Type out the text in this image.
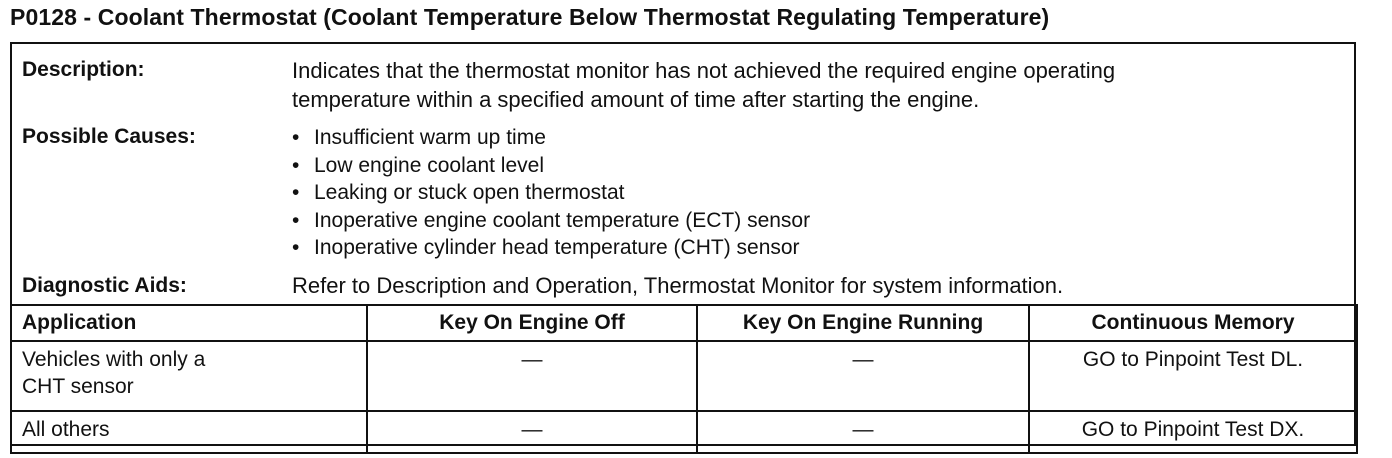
P0128 - Coolant Thermostat (Coolant Temperature Below Thermostat Regulating Temperature)
Description:	Indicates that the thermostat monitor has not achieved the required engine operating
temperature within a specified amount of time after starting the engine.
Possible Causes:	• Insufficient warm up time
• Low engine coolant level
• Leaking or stuck open thermostat
• Inoperative engine coolant temperature (ECT) sensor
• Inoperative cylinder head temperature (CHT) sensor
Diagnostic Aids:	Refer to Description and Operation, Thermostat Monitor for system information.
Application	Key On Engine Off	Key On Engine Running	Continuous Memory

Vehicles with only a
CHT sensor	—	—	GO to Pinpoint Test DL.
All others	—	—	GO to Pinpoint Test DX.
